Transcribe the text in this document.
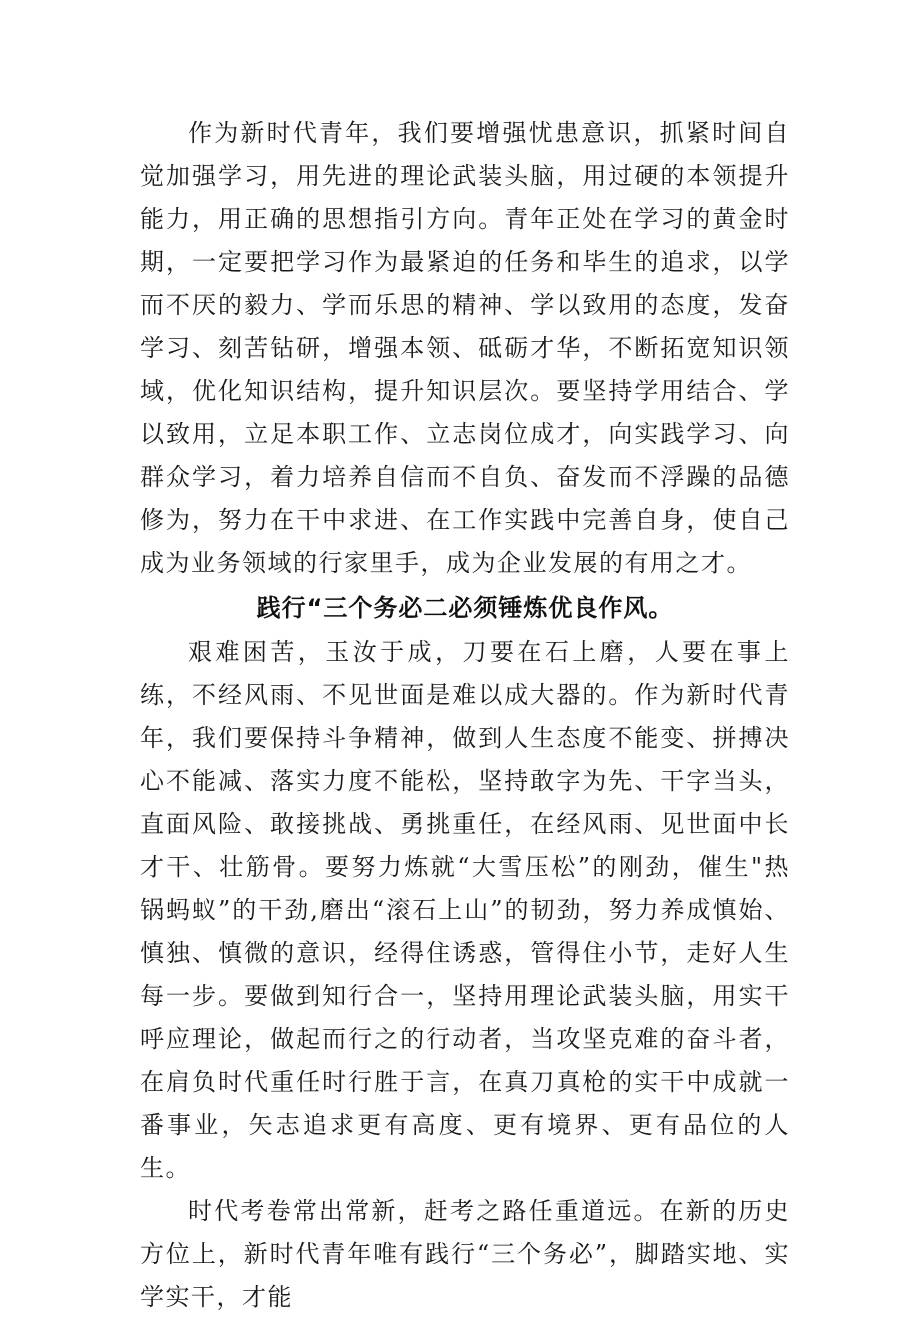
作为新时代青年，我们要增强忧患意识，抓紧时间自觉加强学习，用先进的理论武装头脑，用过硬的本领提升能力，用正确的思想指引方向。青年正处在学习的黄金时期，一定要把学习作为最紧迫的任务和毕生的追求，以学而不厌的毅力、学而乐思的精神、学以致用的态度，发奋学习、刻苦钻研，增强本领、砥砺才华，不断拓宽知识领域，优化知识结构，提升知识层次。要坚持学用结合、学以致用，立足本职工作、立志岗位成才，向实践学习、向群众学习，着力培养自信而不自负、奋发而不浮躁的品德修为，努力在干中求进、在工作实践中完善自身，使自己成为业务领域的行家里手，成为企业发展的有用之才。

践行“三个务必二必须锤炼优良作风。

艰难困苦，玉汝于成，刀要在石上磨，人要在事上练，不经风雨、不见世面是难以成大器的。作为新时代青年，我们要保持斗争精神，做到人生态度不能变、拼搏决心不能减、落实力度不能松，坚持敢字为先、干字当头，直面风险、敢接挑战、勇挑重任，在经风雨、见世面中长才干、壮筋骨。要努力炼就“大雪压松”的刚劲，催生"热锅蚂蚁”的干劲,磨出“滚石上山”的韧劲，努力养成慎始、慎独、慎微的意识，经得住诱惑，管得住小节，走好人生每一步。要做到知行合一，坚持用理论武装头脑，用实干呼应理论，做起而行之的行动者，当攻坚克难的奋斗者，在肩负时代重任时行胜于言，在真刀真枪的实干中成就一番事业，矢志追求更有高度、更有境界、更有品位的人生。

时代考卷常出常新，赶考之路任重道远。在新的历史方位上，新时代青年唯有践行“三个务必”，脚踏实地、实学实干，才能
